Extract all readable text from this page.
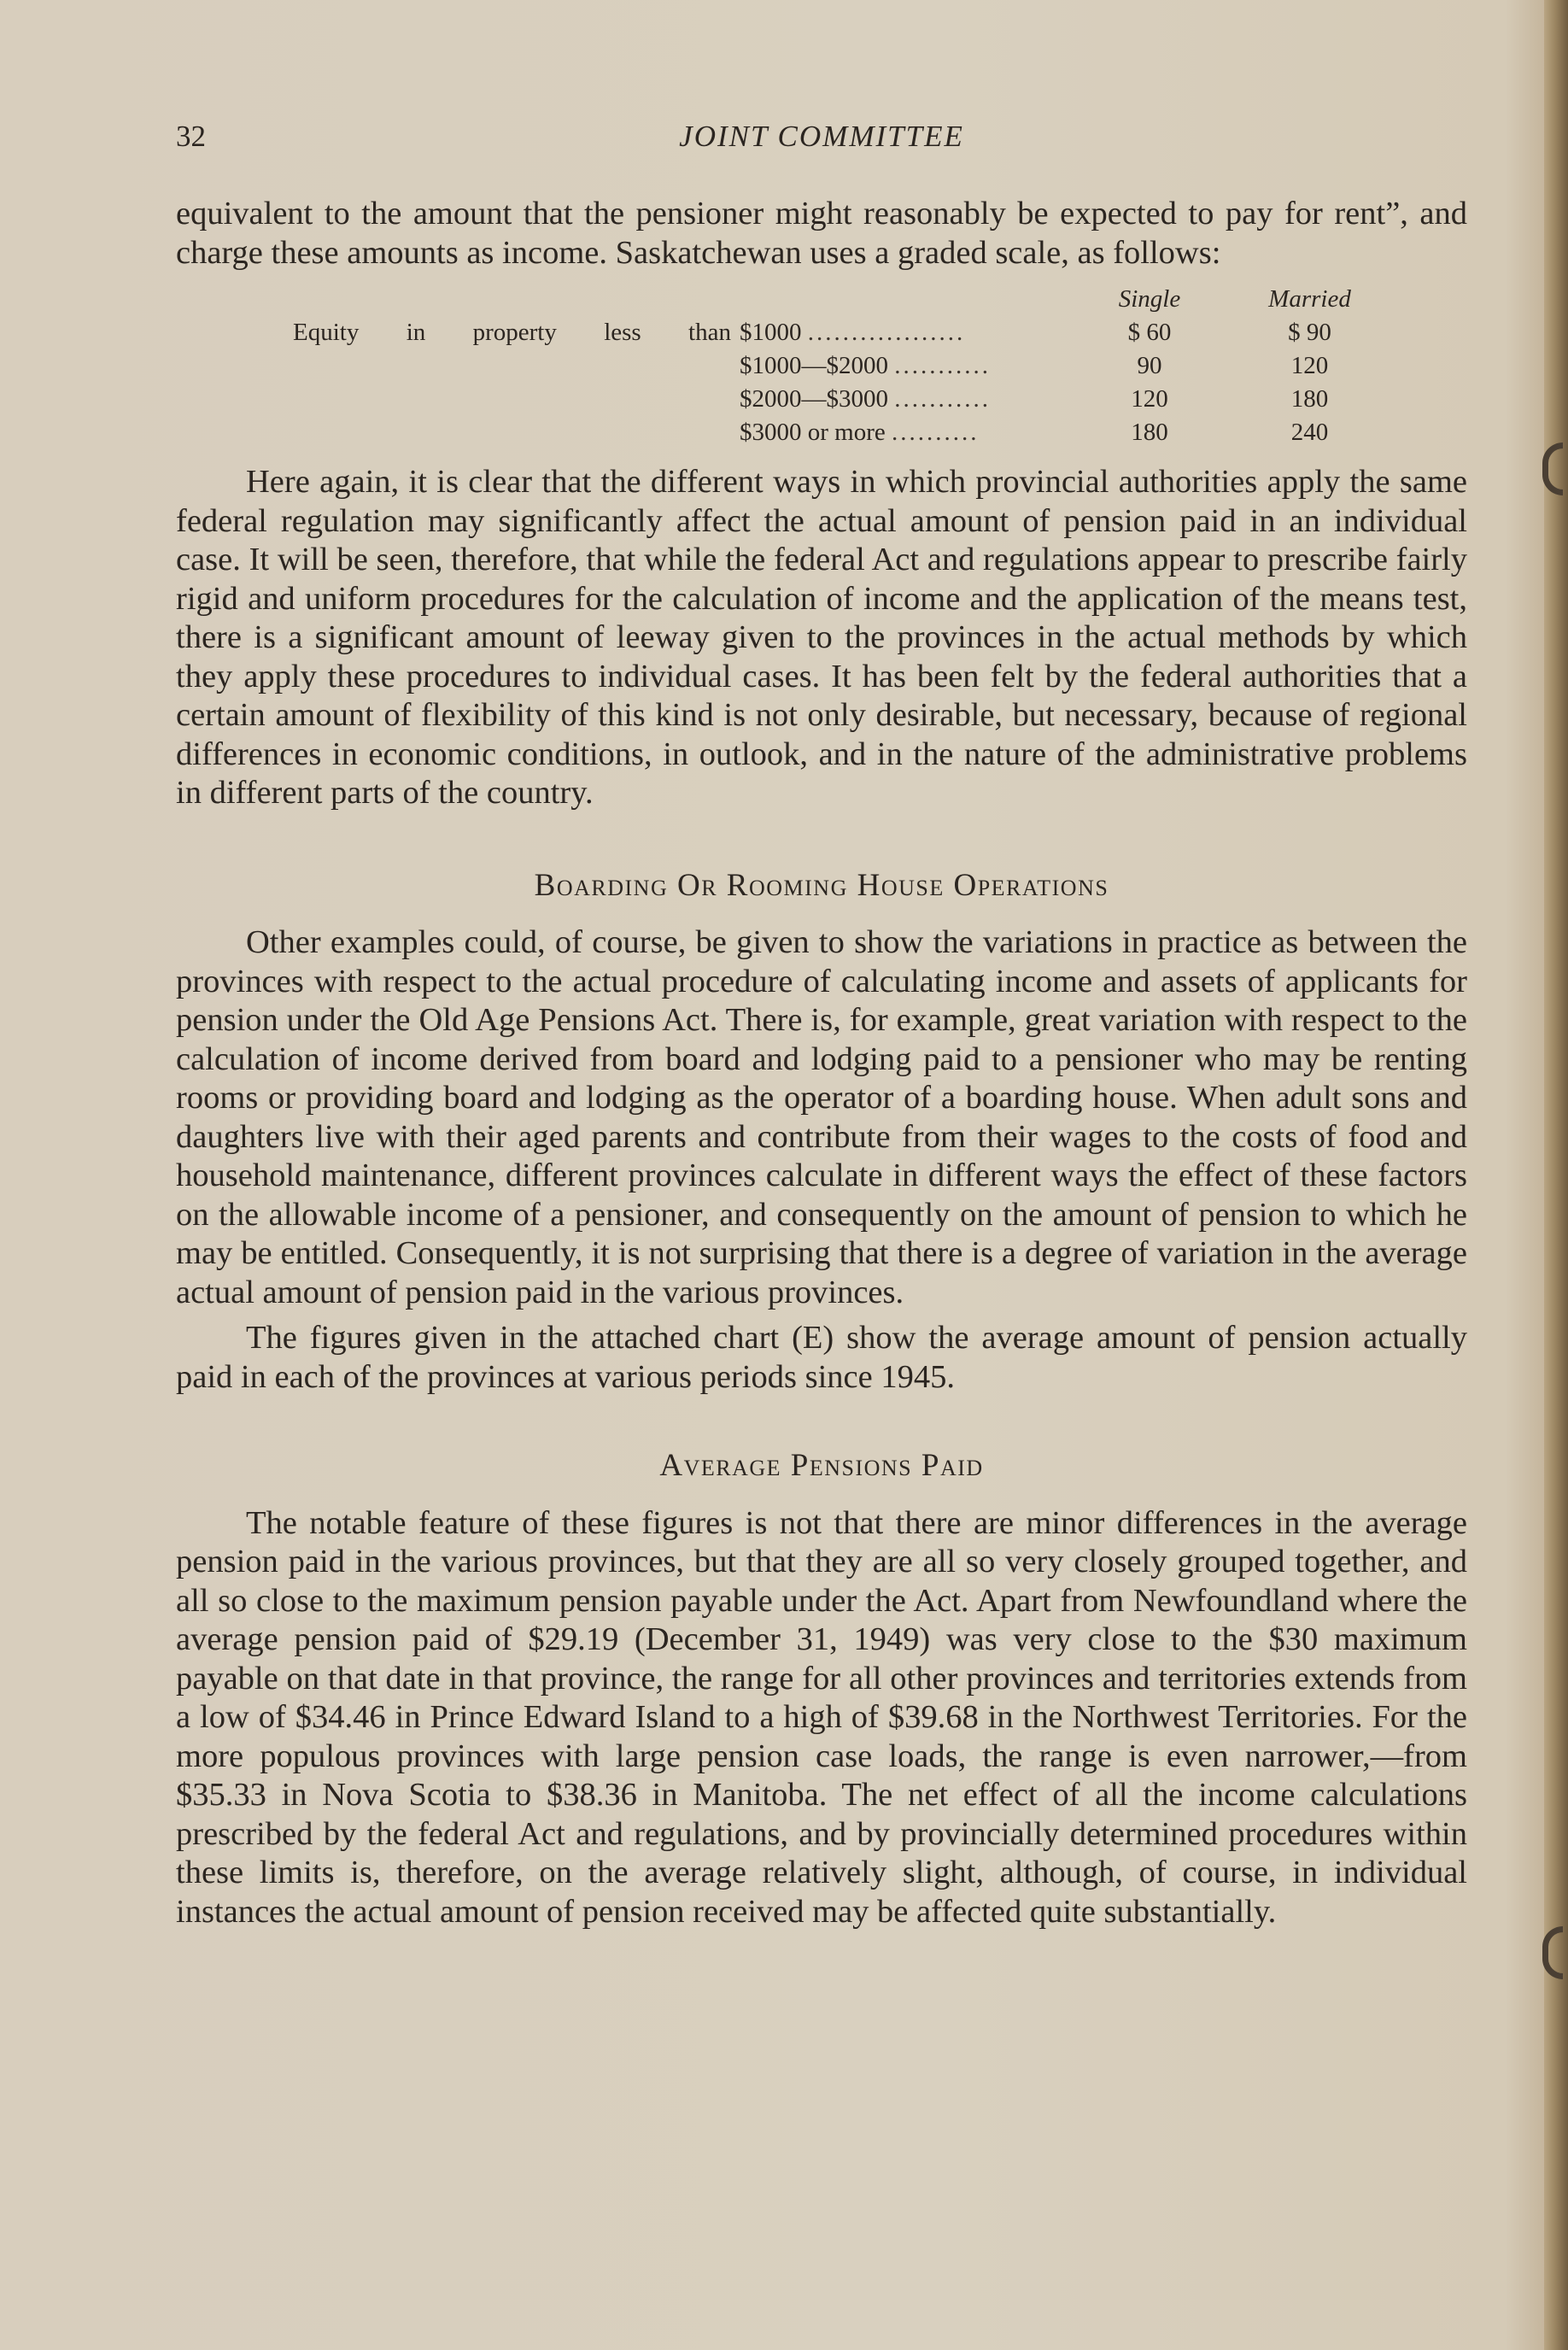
32	JOINT COMMITTEE

equivalent to the amount that the pensioner might reasonably be expected to pay for rent”, and charge these amounts as income. Saskatchewan uses a graded scale, as follows:

Single	Married
Equity in property less than $1000 ..................	$ 60	$ 90
$1000—$2000 ...........	90	120
$2000—$3000 ...........	120	180
$3000 or more ..........	180	240

Here again, it is clear that the different ways in which provincial authorities apply the same federal regulation may significantly affect the actual amount of pension paid in an individual case. It will be seen, therefore, that while the federal Act and regulations appear to prescribe fairly rigid and uniform procedures for the calculation of income and the application of the means test, there is a significant amount of leeway given to the provinces in the actual methods by which they apply these procedures to individual cases. It has been felt by the federal authorities that a certain amount of flexibility of this kind is not only desirable, but necessary, because of regional differences in economic conditions, in outlook, and in the nature of the administrative problems in different parts of the country.

Boarding Or Rooming House Operations

Other examples could, of course, be given to show the variations in practice as between the provinces with respect to the actual procedure of calculating income and assets of applicants for pension under the Old Age Pensions Act. There is, for example, great variation with respect to the calculation of income derived from board and lodging paid to a pensioner who may be renting rooms or providing board and lodging as the operator of a boarding house. When adult sons and daughters live with their aged parents and contribute from their wages to the costs of food and household maintenance, different provinces calculate in different ways the effect of these factors on the allowable income of a pensioner, and consequently on the amount of pension to which he may be entitled. Consequently, it is not surprising that there is a degree of variation in the average actual amount of pension paid in the various provinces.

The figures given in the attached chart (E) show the average amount of pension actually paid in each of the provinces at various periods since 1945.

Average Pensions Paid

The notable feature of these figures is not that there are minor differences in the average pension paid in the various provinces, but that they are all so very closely grouped together, and all so close to the maximum pension payable under the Act. Apart from Newfoundland where the average pension paid of $29.19 (December 31, 1949) was very close to the $30 maximum payable on that date in that province, the range for all other provinces and territories extends from a low of $34.46 in Prince Edward Island to a high of $39.68 in the Northwest Territories. For the more populous provinces with large pension case loads, the range is even narrower,—from $35.33 in Nova Scotia to $38.36 in Manitoba. The net effect of all the income calculations prescribed by the federal Act and regulations, and by provincially determined procedures within these limits is, therefore, on the average relatively slight, although, of course, in individual instances the actual amount of pension received may be affected quite substantially.
